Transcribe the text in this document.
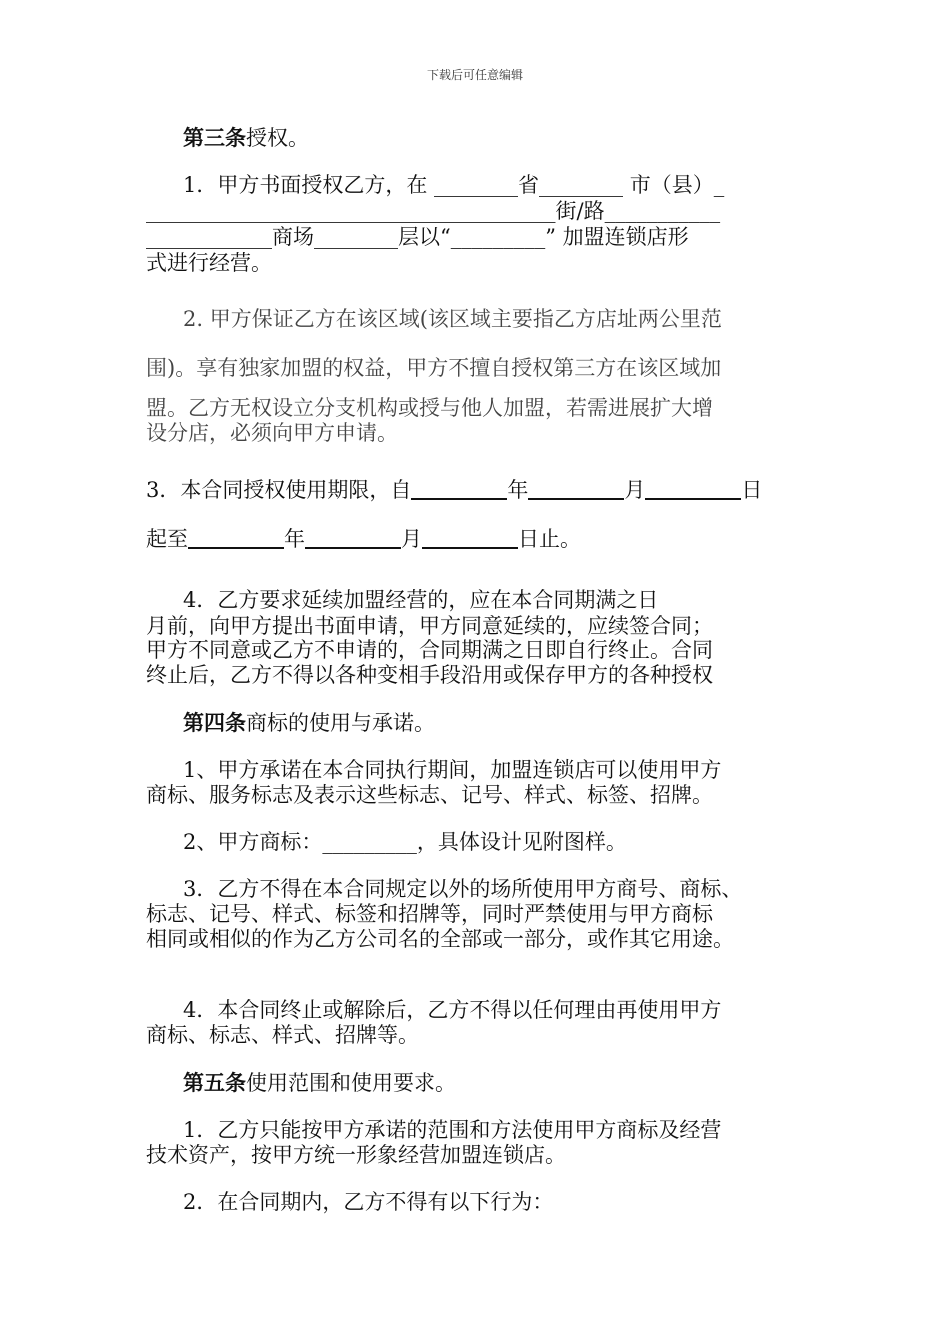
下载后可任意编辑
第三条授权。
1．甲方书面授权乙方，在 ________省________ 市（县）_
_______________________________________街/路___________
____________商场________层以“_________” 加盟连锁店形
式进行经营。
2. 甲方保证乙方在该区域(该区域主要指乙方店址两公里范
围)。享有独家加盟的权益，甲方不擅自授权第三方在该区域加
盟。乙方无权设立分支机构或授与他人加盟，若需进展扩大增
设分店，必须向甲方申请。
3．本合同授权使用期限，自	年	月	日
起至	年	月	日止。
4．乙方要求延续加盟经营的，应在本合同期满之日
月前，向甲方提出书面申请，甲方同意延续的，应续签合同；
甲方不同意或乙方不申请的，合同期满之日即自行终止。合同
终止后，乙方不得以各种变相手段沿用或保存甲方的各种授权
第四条商标的使用与承诺。
1、甲方承诺在本合同执行期间，加盟连锁店可以使用甲方
商标、服务标志及表示这些标志、记号、样式、标签、招牌。
2、甲方商标：_________，具体设计见附图样。
3．乙方不得在本合同规定以外的场所使用甲方商号、商标、
标志、记号、样式、标签和招牌等，同时严禁使用与甲方商标
相同或相似的作为乙方公司名的全部或一部分，或作其它用途。
4．本合同终止或解除后，乙方不得以任何理由再使用甲方
商标、标志、样式、招牌等。
第五条使用范围和使用要求。
1．乙方只能按甲方承诺的范围和方法使用甲方商标及经营
技术资产，按甲方统一形象经营加盟连锁店。
2．在合同期内，乙方不得有以下行为：
